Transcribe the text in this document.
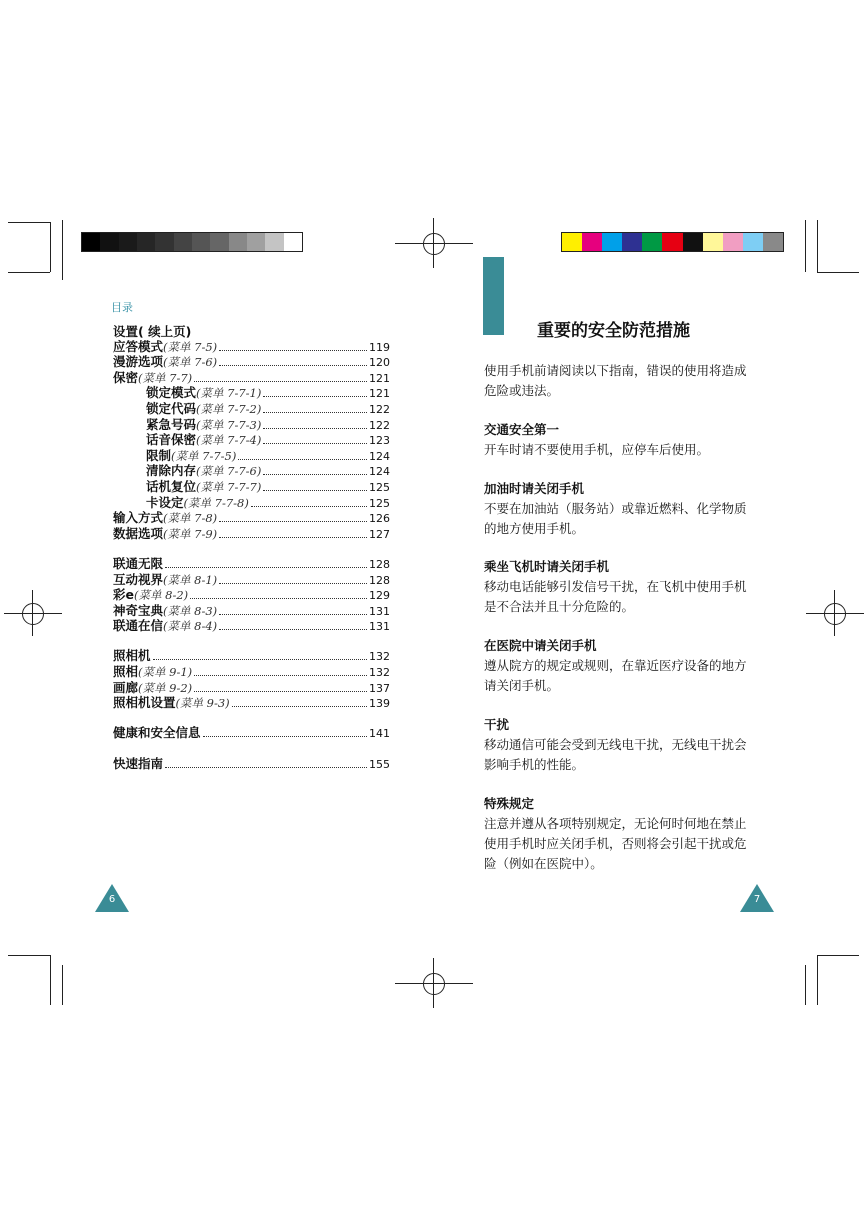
目录
设置( 续上页)
应答模式 (菜单 7-5)	119
漫游选项 (菜单 7-6)	120
保密 (菜单 7-7)	121
锁定模式 (菜单 7-7-1)	121
锁定代码 (菜单 7-7-2)	122
紧急号码 (菜单 7-7-3)	122
话音保密 (菜单 7-7-4)	123
限制 (菜单 7-7-5)	124
清除内存 (菜单 7-7-6)	124
话机复位 (菜单 7-7-7)	125
卡设定 (菜单 7-7-8)	125
输入方式 (菜单 7-8)	126
数据选项 (菜单 7-9)	127
联通无限	128
互动视界 (菜单 8-1)	128
彩e (菜单 8-2)	129
神奇宝典 (菜单 8-3)	131
联通在信 (菜单 8-4)	131
照相机	132
照相 (菜单 9-1)	132
画廊 (菜单 9-2)	137
照相机设置 (菜单 9-3)	139
健康和安全信息	141
快速指南	155
6
重要的安全防范措施
使用手机前请阅读以下指南，错误的使用将造成
危险或违法。
交通安全第一
开车时请不要使用手机，应停车后使用。
加油时请关闭手机
不要在加油站（服务站）或靠近燃料、化学物质
的地方使用手机。
乘坐飞机时请关闭手机
移动电话能够引发信号干扰，在飞机中使用手机
是不合法并且十分危险的。
在医院中请关闭手机
遵从院方的规定或规则，在靠近医疗设备的地方
请关闭手机。
干扰
移动通信可能会受到无线电干扰，无线电干扰会
影响手机的性能。
特殊规定
注意并遵从各项特别规定，无论何时何地在禁止
使用手机时应关闭手机，否则将会引起干扰或危
险（例如在医院中）。
7
